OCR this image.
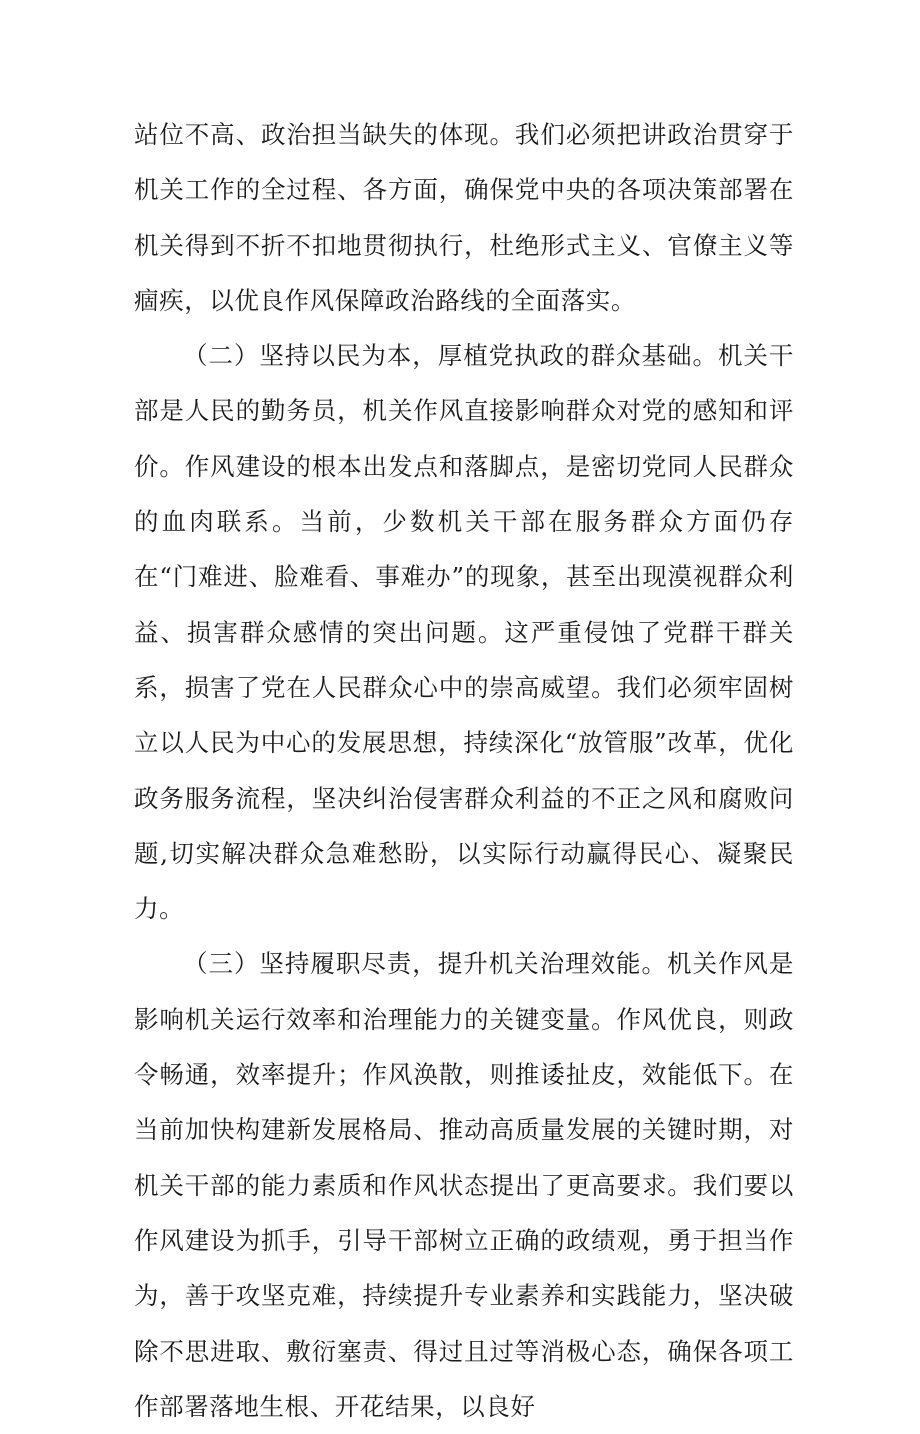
站位不高、政治担当缺失的体现。我们必须把讲政治贯穿于机关工作的全过程、各方面，确保党中央的各项决策部署在机关得到不折不扣地贯彻执行，杜绝形式主义、官僚主义等痼疾，以优良作风保障政治路线的全面落实。

（二）坚持以民为本，厚植党执政的群众基础。机关干部是人民的勤务员，机关作风直接影响群众对党的感知和评价。作风建设的根本出发点和落脚点，是密切党同人民群众的血肉联系。当前，少数机关干部在服务群众方面仍存在“门难进、脸难看、事难办”的现象，甚至出现漠视群众利益、损害群众感情的突出问题。这严重侵蚀了党群干群关系，损害了党在人民群众心中的崇高威望。我们必须牢固树立以人民为中心的发展思想，持续深化“放管服”改革，优化政务服务流程，坚决纠治侵害群众利益的不正之风和腐败问题,切实解决群众急难愁盼，以实际行动赢得民心、凝聚民力。

（三）坚持履职尽责，提升机关治理效能。机关作风是影响机关运行效率和治理能力的关键变量。作风优良，则政令畅通，效率提升；作风涣散，则推诿扯皮，效能低下。在当前加快构建新发展格局、推动高质量发展的关键时期，对机关干部的能力素质和作风状态提出了更高要求。我们要以作风建设为抓手，引导干部树立正确的政绩观，勇于担当作为，善于攻坚克难，持续提升专业素养和实践能力，坚决破除不思进取、敷衍塞责、得过且过等消极心态，确保各项工作部署落地生根、开花结果，以良好
